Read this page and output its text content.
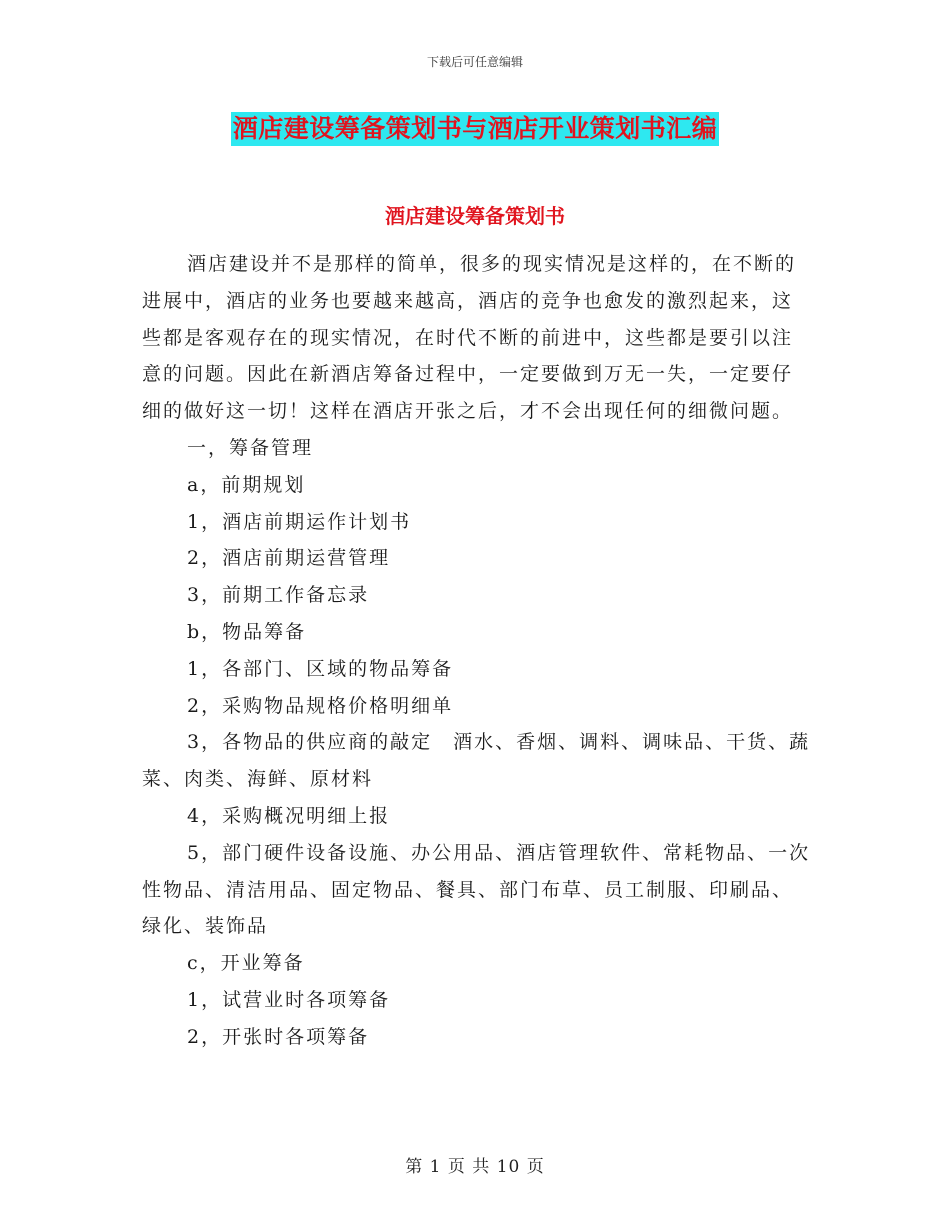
下载后可任意编辑
酒店建设筹备策划书与酒店开业策划书汇编
酒店建设筹备策划书

酒店建设并不是那样的简单，很多的现实情况是这样的，在不断的进展中，酒店的业务也要越来越高，酒店的竞争也愈发的激烈起来，这些都是客观存在的现实情况，在时代不断的前进中，这些都是要引以注意的问题。因此在新酒店筹备过程中，一定要做到万无一失，一定要仔细的做好这一切！这样在酒店开张之后，才不会出现任何的细微问题。

一，筹备管理

a，前期规划

1，酒店前期运作计划书

2，酒店前期运营管理

3，前期工作备忘录

b，物品筹备

1，各部门、区域的物品筹备

2，采购物品规格价格明细单

3，各物品的供应商的敲定　酒水、香烟、调料、调味品、干货、蔬菜、肉类、海鲜、原材料

4，采购概况明细上报

5，部门硬件设备设施、办公用品、酒店管理软件、常耗物品、一次性物品、清洁用品、固定物品、餐具、部门布草、员工制服、印刷品、绿化、装饰品

c，开业筹备

1，试营业时各项筹备

2，开张时各项筹备

第 1 页 共 10 页
